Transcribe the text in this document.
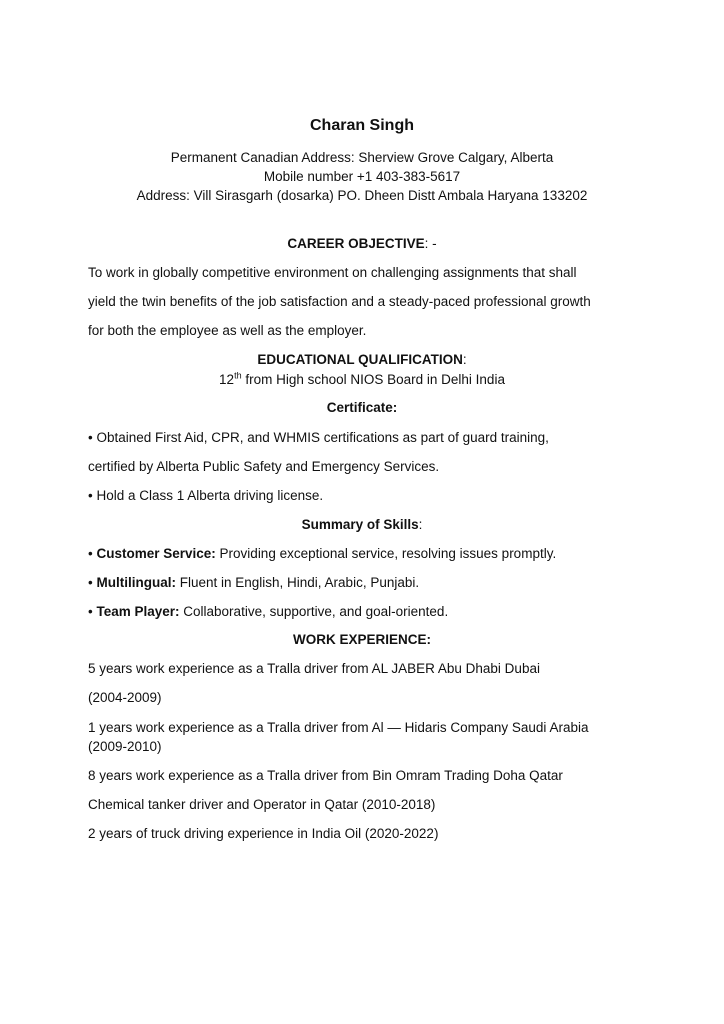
Charan Singh
Permanent Canadian Address: Sherview Grove Calgary, Alberta
Mobile number +1 403-383-5617
Address: Vill Sirasgarh (dosarka) PO. Dheen Distt Ambala Haryana 133202
CAREER OBJECTIVE: -
To work in globally competitive environment on challenging assignments that shall
yield the twin benefits of the job satisfaction and a steady-paced professional growth
for both the employee as well as the employer.
EDUCATIONAL QUALIFICATION:
12th from High school NIOS Board in Delhi India
Certificate:
• Obtained First Aid, CPR, and WHMIS certifications as part of guard training,
certified by Alberta Public Safety and Emergency Services.
• Hold a Class 1 Alberta driving license.
Summary of Skills:
• Customer Service: Providing exceptional service, resolving issues promptly.
• Multilingual: Fluent in English, Hindi, Arabic, Punjabi.
• Team Player: Collaborative, supportive, and goal-oriented.
WORK EXPERIENCE:
5 years work experience as a Tralla driver from AL JABER Abu Dhabi Dubai
(2004-2009)
1 years work experience as a Tralla driver from Al — Hidaris Company Saudi Arabia
(2009-2010)
8 years work experience as a Tralla driver from Bin Omram Trading Doha Qatar
Chemical tanker driver and Operator in Qatar (2010-2018)
2 years of truck driving experience in India Oil (2020-2022)
